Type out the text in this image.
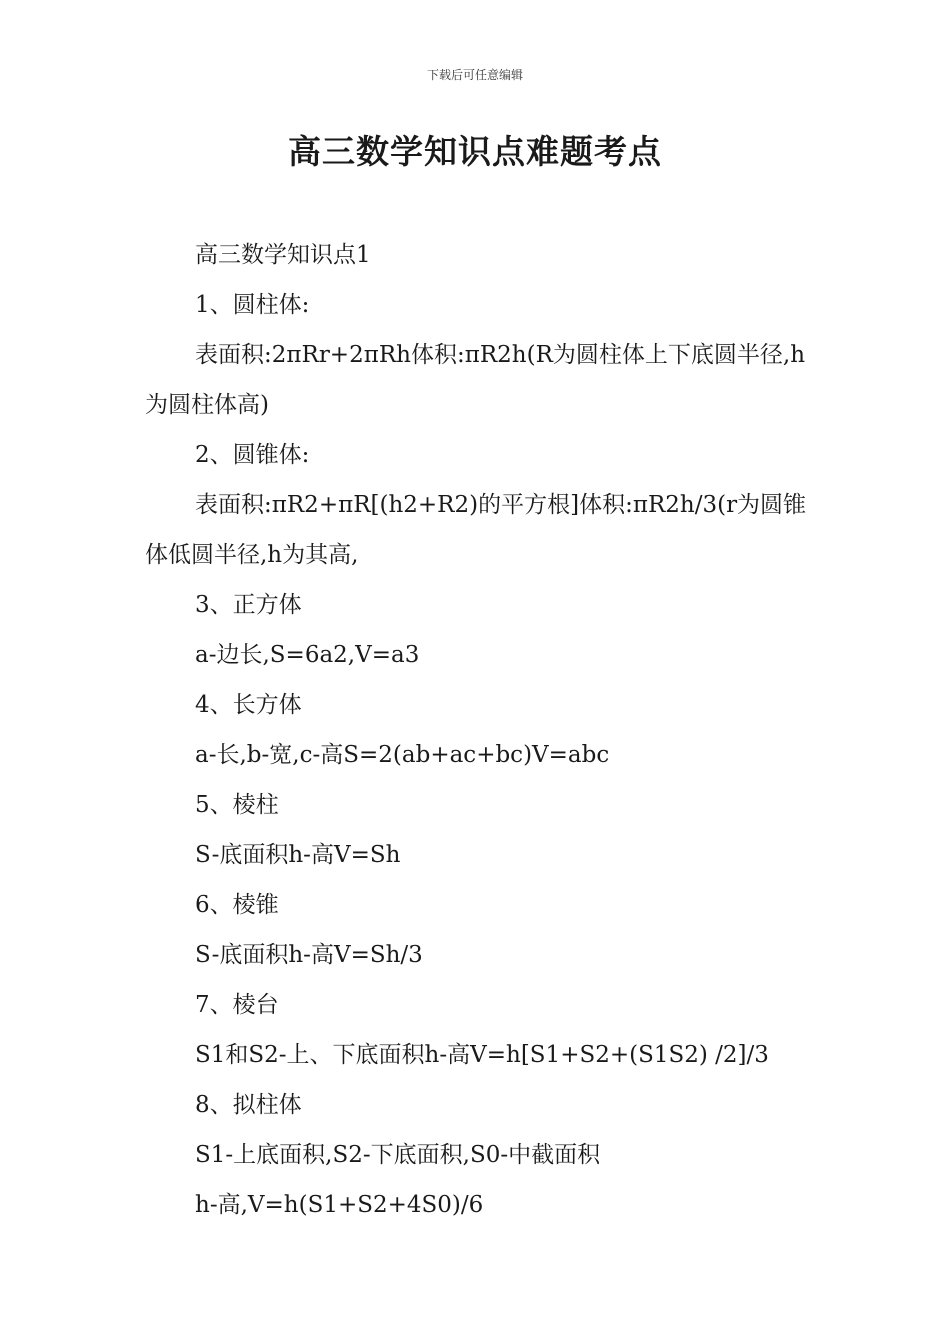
下载后可任意编辑
高三数学知识点难题考点

高三数学知识点1

1、圆柱体:

表面积:2πRr+2πRh体积:πR2h(R为圆柱体上下底圆半径,h为圆柱体高)

2、圆锥体:

表面积:πR2+πR[(h2+R2)的平方根]体积:πR2h/3(r为圆锥体低圆半径,h为其高,

3、正方体

a-边长,S=6a2,V=a3

4、长方体

a-长,b-宽,c-高S=2(ab+ac+bc)V=abc

5、棱柱

S-底面积h-高V=Sh

6、棱锥

S-底面积h-高V=Sh/3

7、棱台

S1和S2-上、下底面积h-高V=h[S1+S2+(S1S2) /2]/3

8、拟柱体

S1-上底面积,S2-下底面积,S0-中截面积

h-高,V=h(S1+S2+4S0)/6
